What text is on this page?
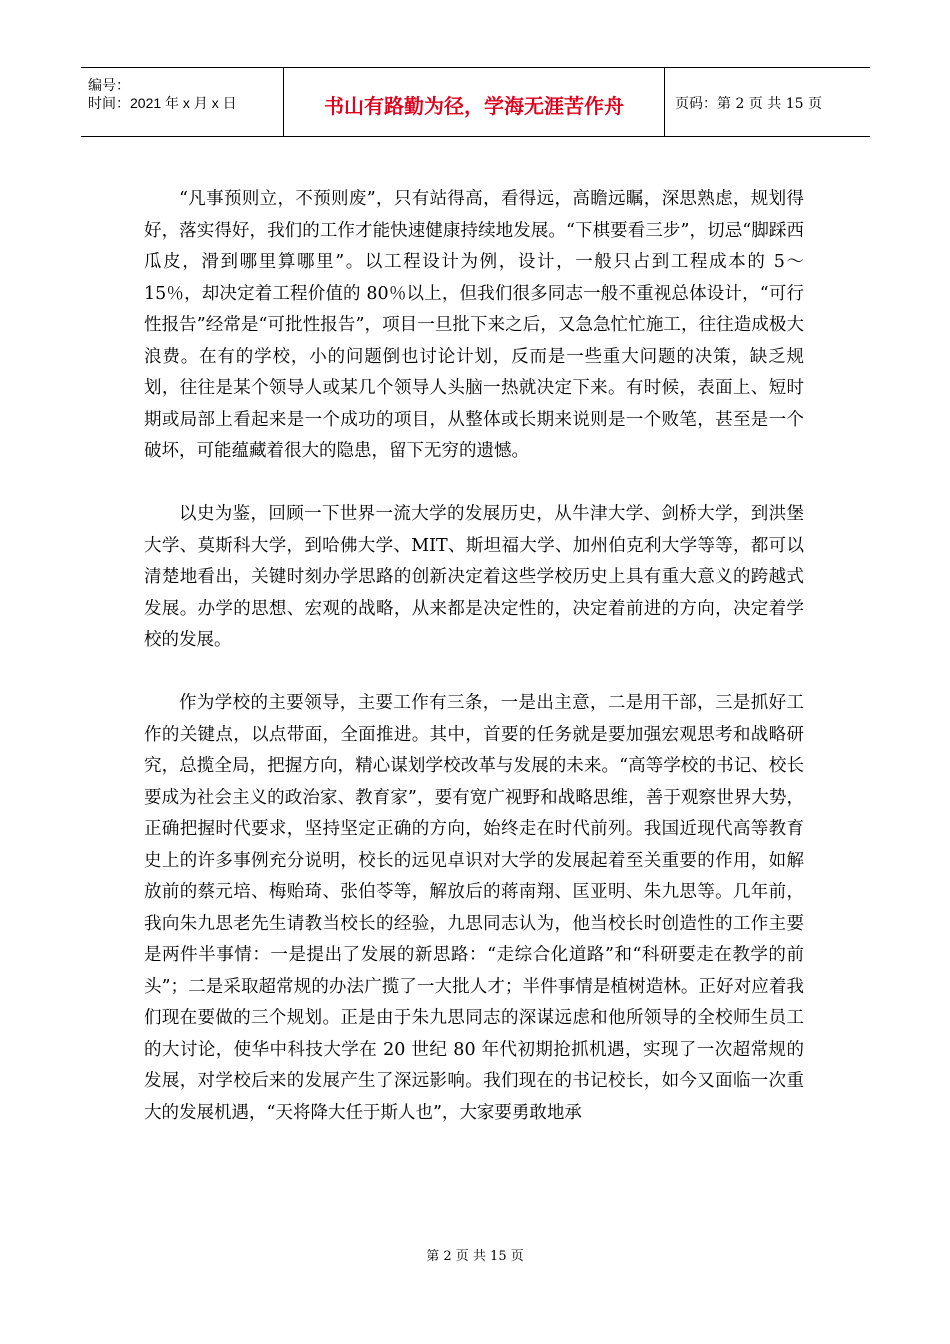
编号：
时间：2021 年 x 月 x 日	书山有路勤为径，学海无涯苦作舟	页码：第 2 页 共 15 页

“凡事预则立，不预则废”，只有站得高，看得远，高瞻远瞩，深思熟虑，规划得好，落实得好，我们的工作才能快速健康持续地发展。“下棋要看三步”，切忌“脚踩西瓜皮，滑到哪里算哪里”。以工程设计为例，设计，一般只占到工程成本的 5～15％，却决定着工程价值的 80％以上，但我们很多同志一般不重视总体设计，“可行性报告”经常是“可批性报告”，项目一旦批下来之后，又急急忙忙施工，往往造成极大浪费。在有的学校，小的问题倒也讨论计划，反而是一些重大问题的决策，缺乏规划，往往是某个领导人或某几个领导人头脑一热就决定下来。有时候，表面上、短时期或局部上看起来是一个成功的项目，从整体或长期来说则是一个败笔，甚至是一个破坏，可能蕴藏着很大的隐患，留下无穷的遗憾。

以史为鉴，回顾一下世界一流大学的发展历史，从牛津大学、剑桥大学，到洪堡大学、莫斯科大学，到哈佛大学、MIT、斯坦福大学、加州伯克利大学等等，都可以清楚地看出，关键时刻办学思路的创新决定着这些学校历史上具有重大意义的跨越式发展。办学的思想、宏观的战略，从来都是决定性的，决定着前进的方向，决定着学校的发展。

作为学校的主要领导，主要工作有三条，一是出主意，二是用干部，三是抓好工作的关键点，以点带面，全面推进。其中，首要的任务就是要加强宏观思考和战略研究，总揽全局，把握方向，精心谋划学校改革与发展的未来。“高等学校的书记、校长要成为社会主义的政治家、教育家”，要有宽广视野和战略思维，善于观察世界大势，正确把握时代要求，坚持坚定正确的方向，始终走在时代前列。我国近现代高等教育史上的许多事例充分说明，校长的远见卓识对大学的发展起着至关重要的作用，如解放前的蔡元培、梅贻琦、张伯苓等，解放后的蒋南翔、匡亚明、朱九思等。几年前，我向朱九思老先生请教当校长的经验，九思同志认为，他当校长时创造性的工作主要是两件半事情：一是提出了发展的新思路：“走综合化道路”和“科研要走在教学的前头”；二是采取超常规的办法广揽了一大批人才；半件事情是植树造林。正好对应着我们现在要做的三个规划。正是由于朱九思同志的深谋远虑和他所领导的全校师生员工的大讨论，使华中科技大学在 20 世纪 80 年代初期抢抓机遇，实现了一次超常规的发展，对学校后来的发展产生了深远影响。我们现在的书记校长，如今又面临一次重大的发展机遇，“天将降大任于斯人也”，大家要勇敢地承

第 2 页 共 15 页
